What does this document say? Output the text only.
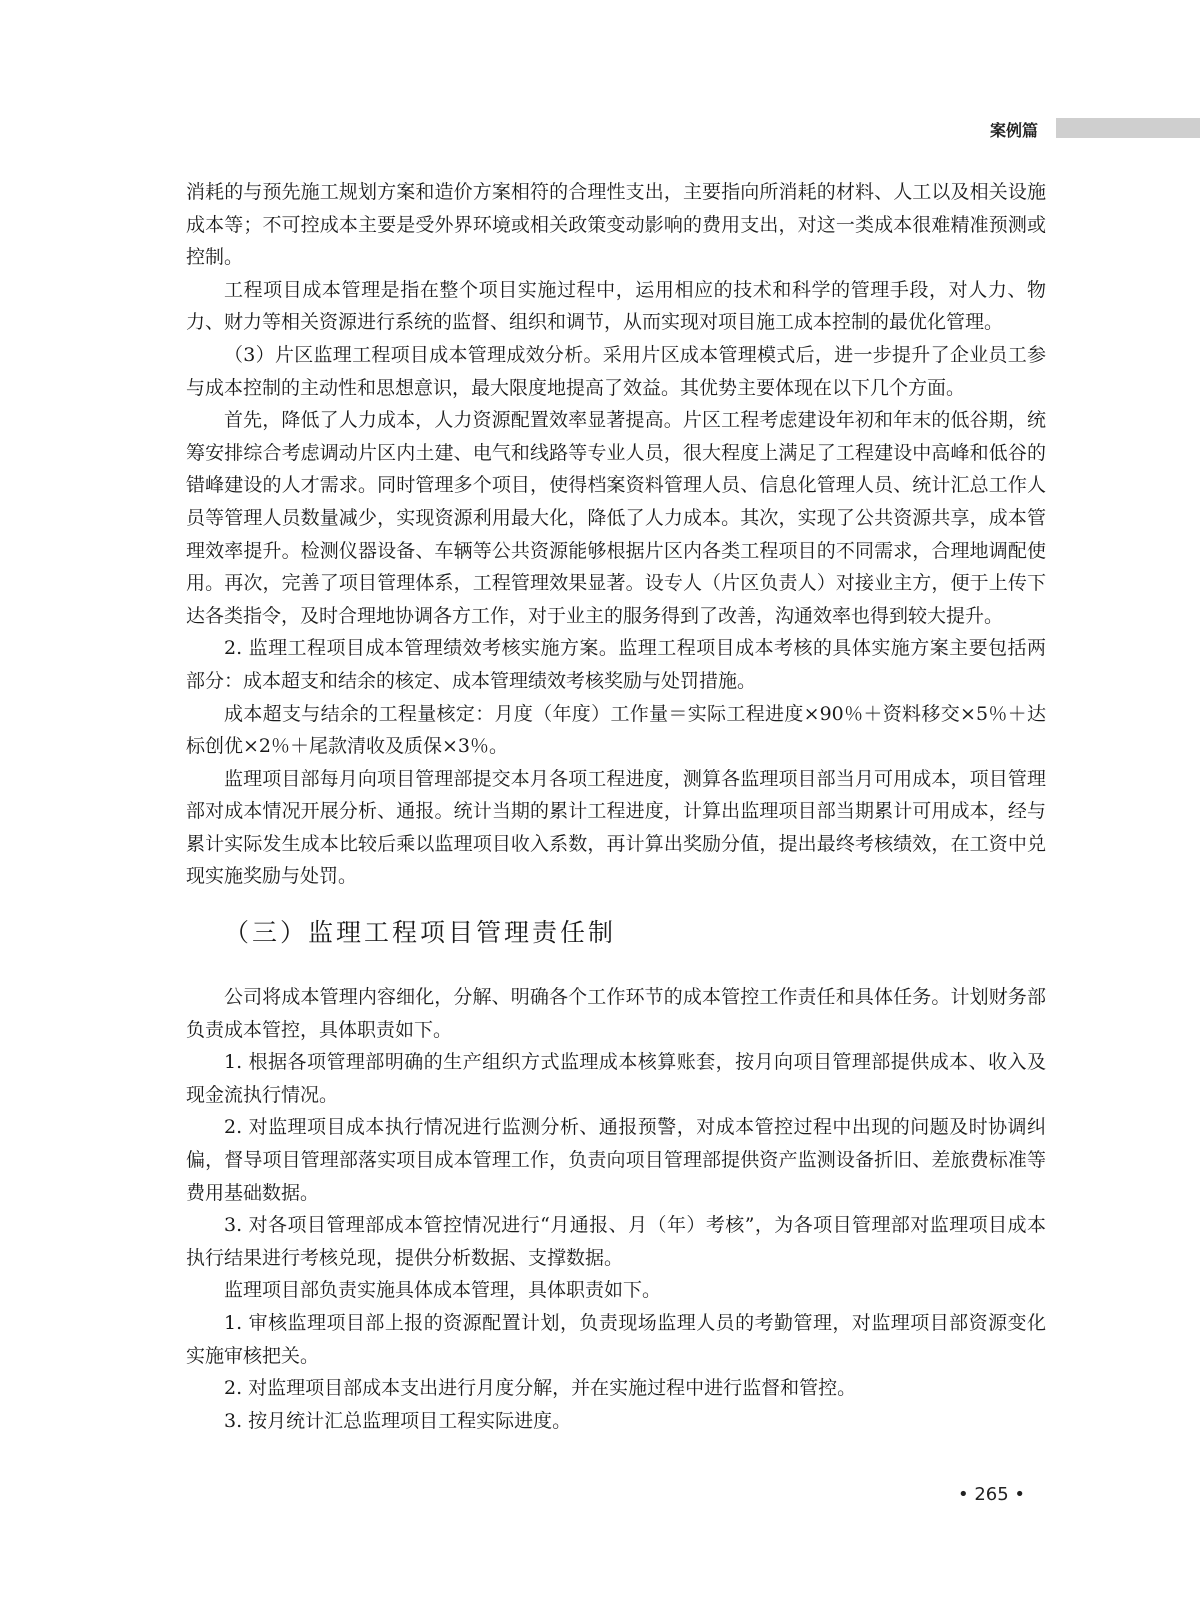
案例篇

消耗的与预先施工规划方案和造价方案相符的合理性支出，主要指向所消耗的材料、人工以及相关设施成本等；不可控成本主要是受外界环境或相关政策变动影响的费用支出，对这一类成本很难精准预测或控制。

工程项目成本管理是指在整个项目实施过程中，运用相应的技术和科学的管理手段，对人力、物力、财力等相关资源进行系统的监督、组织和调节，从而实现对项目施工成本控制的最优化管理。

（3）片区监理工程项目成本管理成效分析。采用片区成本管理模式后，进一步提升了企业员工参与成本控制的主动性和思想意识，最大限度地提高了效益。其优势主要体现在以下几个方面。

首先，降低了人力成本，人力资源配置效率显著提高。片区工程考虑建设年初和年末的低谷期，统筹安排综合考虑调动片区内土建、电气和线路等专业人员，很大程度上满足了工程建设中高峰和低谷的错峰建设的人才需求。同时管理多个项目，使得档案资料管理人员、信息化管理人员、统计汇总工作人员等管理人员数量减少，实现资源利用最大化，降低了人力成本。其次，实现了公共资源共享，成本管理效率提升。检测仪器设备、车辆等公共资源能够根据片区内各类工程项目的不同需求，合理地调配使用。再次，完善了项目管理体系，工程管理效果显著。设专人（片区负责人）对接业主方，便于上传下达各类指令，及时合理地协调各方工作，对于业主的服务得到了改善，沟通效率也得到较大提升。

2. 监理工程项目成本管理绩效考核实施方案。监理工程项目成本考核的具体实施方案主要包括两部分：成本超支和结余的核定、成本管理绩效考核奖励与处罚措施。

成本超支与结余的工程量核定：月度（年度）工作量＝实际工程进度×90％＋资料移交×5％＋达标创优×2％＋尾款清收及质保×3％。

监理项目部每月向项目管理部提交本月各项工程进度，测算各监理项目部当月可用成本，项目管理部对成本情况开展分析、通报。统计当期的累计工程进度，计算出监理项目部当期累计可用成本，经与累计实际发生成本比较后乘以监理项目收入系数，再计算出奖励分值，提出最终考核绩效，在工资中兑现实施奖励与处罚。

（三）监理工程项目管理责任制

公司将成本管理内容细化，分解、明确各个工作环节的成本管控工作责任和具体任务。计划财务部负责成本管控，具体职责如下。

1. 根据各项管理部明确的生产组织方式监理成本核算账套，按月向项目管理部提供成本、收入及现金流执行情况。

2. 对监理项目成本执行情况进行监测分析、通报预警，对成本管控过程中出现的问题及时协调纠偏，督导项目管理部落实项目成本管理工作，负责向项目管理部提供资产监测设备折旧、差旅费标准等费用基础数据。

3. 对各项目管理部成本管控情况进行“月通报、月（年）考核”，为各项目管理部对监理项目成本执行结果进行考核兑现，提供分析数据、支撑数据。

监理项目部负责实施具体成本管理，具体职责如下。

1. 审核监理项目部上报的资源配置计划，负责现场监理人员的考勤管理，对监理项目部资源变化实施审核把关。

2. 对监理项目部成本支出进行月度分解，并在实施过程中进行监督和管控。

3. 按月统计汇总监理项目工程实际进度。

• 265 •
